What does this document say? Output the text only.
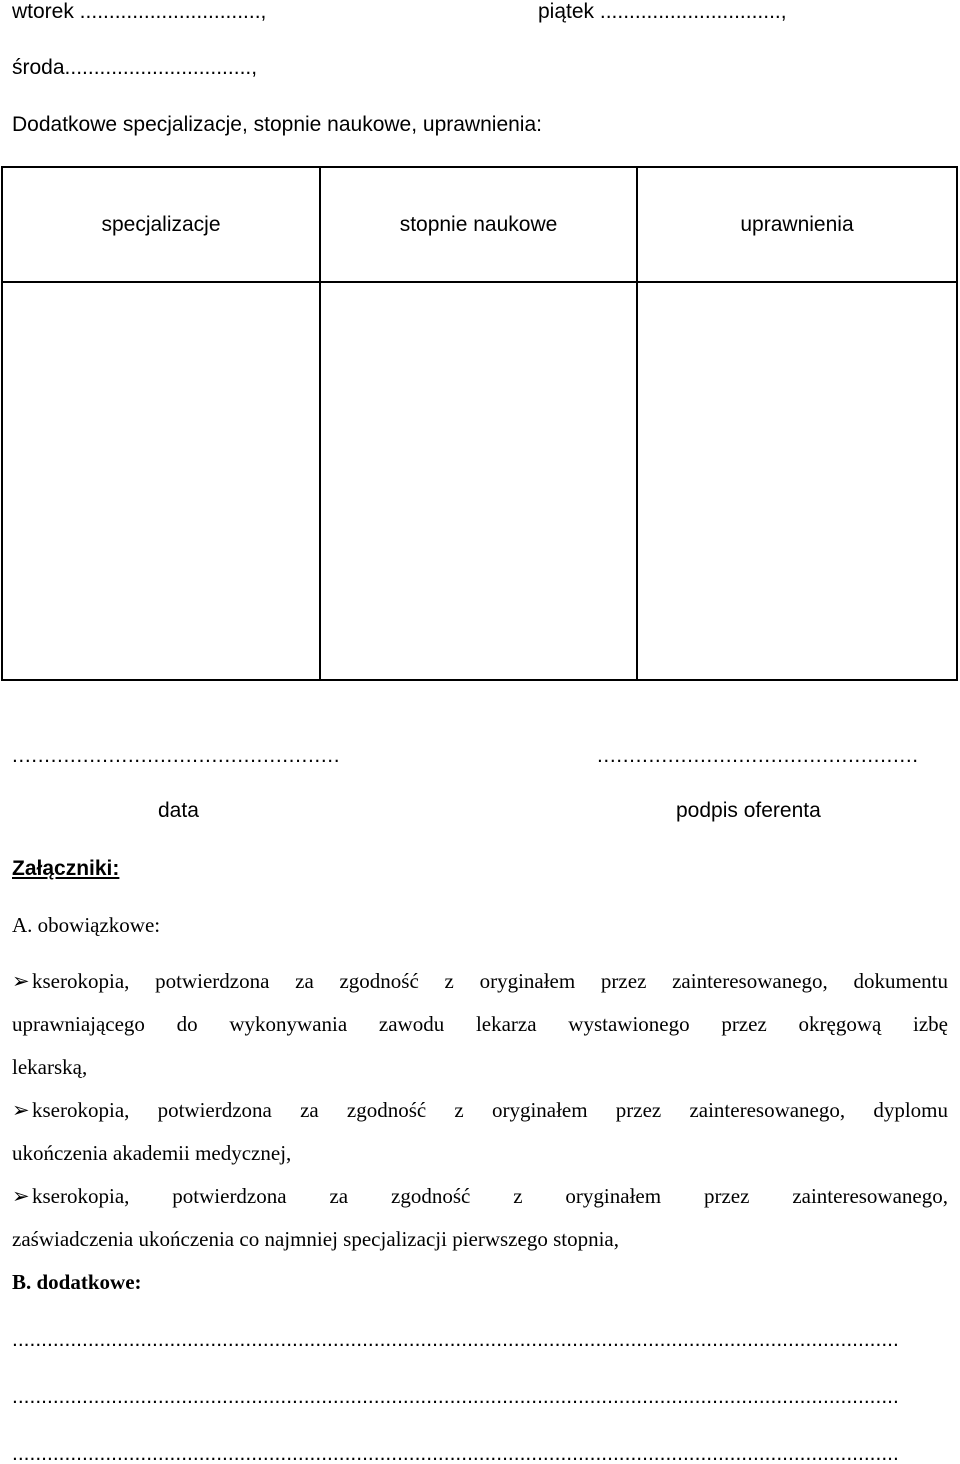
wtorek ...............................,	piątek ...............................,
środa................................,
Dodatkowe specjalizacje, stopnie naukowe, uprawnienia:
specjalizacje	stopnie naukowe	uprawnienia
...................................................	..................................................
data	podpis oferenta
Załączniki:
A. obowiązkowe:
➢ kserokopia, potwierdzona za zgodność z oryginałem przez zainteresowanego, dokumentu
uprawniającego do wykonywania zawodu lekarza wystawionego przez okręgową izbę
lekarską,
➢ kserokopia, potwierdzona za zgodność z oryginałem przez zainteresowanego, dyplomu
ukończenia akademii medycznej,
➢ kserokopia, potwierdzona za zgodność z oryginałem przez zainteresowanego,
zaświadczenia ukończenia co najmniej specjalizacji pierwszego stopnia,
B. dodatkowe:
........................................................................................................................................................
........................................................................................................................................................
........................................................................................................................................................
